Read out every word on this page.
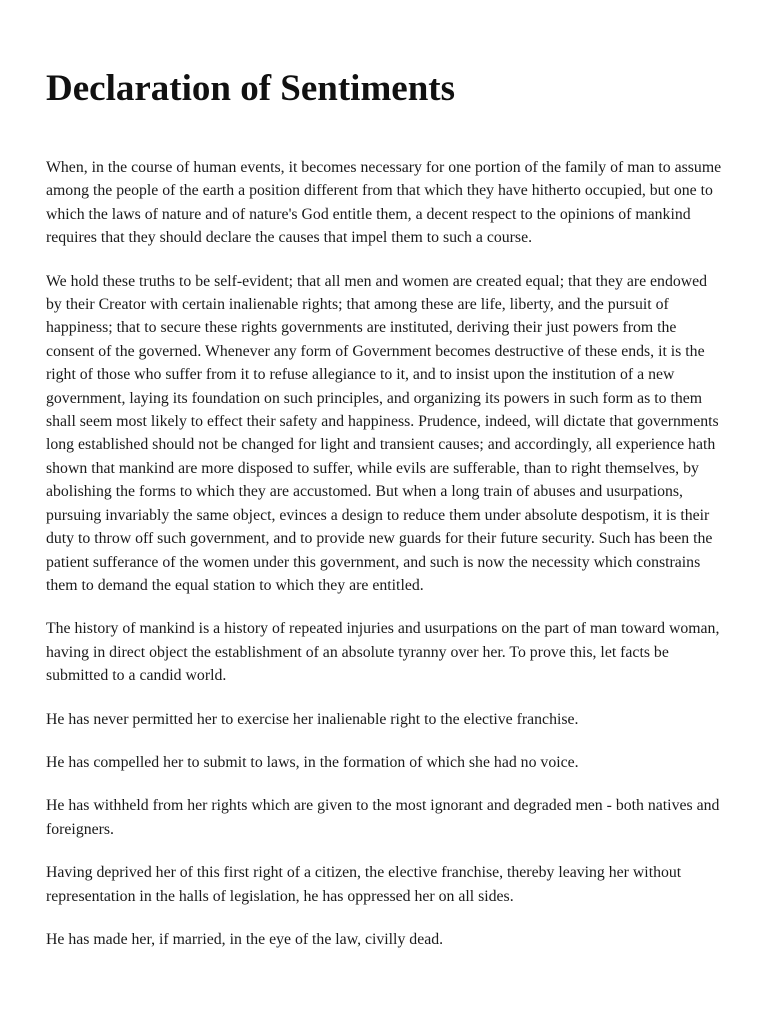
Declaration of Sentiments

When, in the course of human events, it becomes necessary for one portion of the family of man to assume among the people of the earth a position different from that which they have hitherto occupied, but one to which the laws of nature and of nature's God entitle them, a decent respect to the opinions of mankind requires that they should declare the causes that impel them to such a course.

We hold these truths to be self-evident; that all men and women are created equal; that they are endowed by their Creator with certain inalienable rights; that among these are life, liberty, and the pursuit of happiness; that to secure these rights governments are instituted, deriving their just powers from the consent of the governed. Whenever any form of Government becomes destructive of these ends, it is the right of those who suffer from it to refuse allegiance to it, and to insist upon the institution of a new government, laying its foundation on such principles, and organizing its powers in such form as to them shall seem most likely to effect their safety and happiness. Prudence, indeed, will dictate that governments long established should not be changed for light and transient causes; and accordingly, all experience hath shown that mankind are more disposed to suffer, while evils are sufferable, than to right themselves, by abolishing the forms to which they are accustomed. But when a long train of abuses and usurpations, pursuing invariably the same object, evinces a design to reduce them under absolute despotism, it is their duty to throw off such government, and to provide new guards for their future security. Such has been the patient sufferance of the women under this government, and such is now the necessity which constrains them to demand the equal station to which they are entitled.

The history of mankind is a history of repeated injuries and usurpations on the part of man toward woman, having in direct object the establishment of an absolute tyranny over her. To prove this, let facts be submitted to a candid world.

He has never permitted her to exercise her inalienable right to the elective franchise.

He has compelled her to submit to laws, in the formation of which she had no voice.

He has withheld from her rights which are given to the most ignorant and degraded men - both natives and foreigners.

Having deprived her of this first right of a citizen, the elective franchise, thereby leaving her without representation in the halls of legislation, he has oppressed her on all sides.

He has made her, if married, in the eye of the law, civilly dead.
